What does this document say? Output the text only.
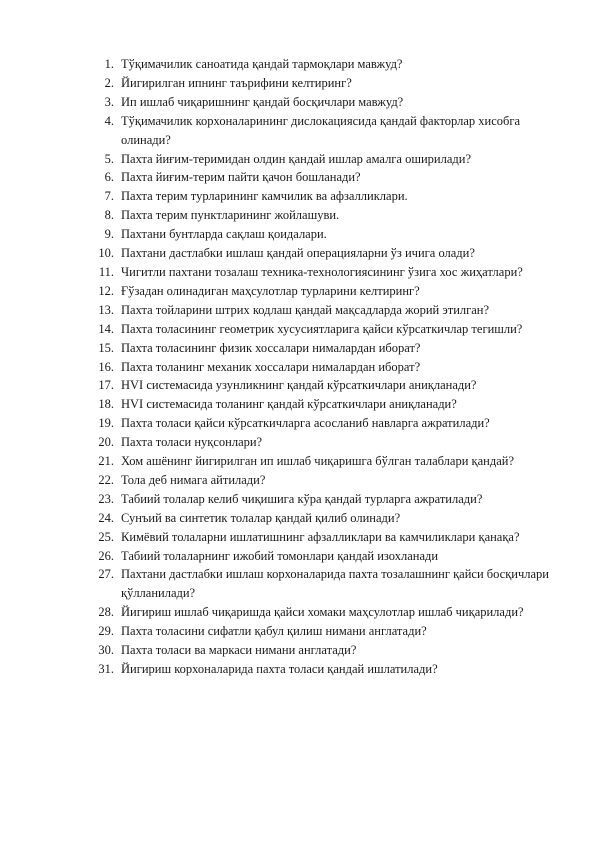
1. Тўқимачилик саноатида қандай тармоқлари мавжуд?
2. Йигирилган ипнинг таърифини келтиринг?
3. Ип ишлаб чиқаришнинг қандай босқичлари мавжуд?
4. Тўқимачилик корхоналарининг дислокациясида қандай факторлар хисобга олинади?
5. Пахта йиғим-теримидан олдин қандай ишлар амалга оширилади?
6. Пахта йиғим-терим пайти қачон бошланади?
7. Пахта терим турларининг камчилик ва афзалликлари.
8. Пахта терим пунктларининг жойлашуви.
9. Пахтани бунтларда сақлаш қоидалари.
10. Пахтани дастлабки ишлаш қандай операцияларни ўз ичига олади?
11. Чигитли пахтани тозалаш техника-технологиясининг ўзига хос жиҳатлари?
12. Ғўзадан олинадиган маҳсулотлар турларини келтиринг?
13. Пахта тойларини штрих кодлаш қандай мақсадларда жорий этилган?
14. Пахта толасининг геометрик хусусиятларига қайси кўрсаткичлар тегишли?
15. Пахта толасининг физик хоссалари нималардан иборат?
16. Пахта толанинг механик хоссалари нималардан иборат?
17. HVI системасида узунликнинг қандай кўрсаткичлари аниқланади?
18. HVI системасида толанинг қандай кўрсаткичлари аниқланади?
19. Пахта толаси қайси кўрсаткичларга асосланиб навларга ажратилади?
20. Пахта толаси нуқсонлари?
21. Хом ашёнинг йигирилган ип ишлаб чиқаришга бўлган талаблари қандай?
22. Тола деб нимага айтилади?
23. Табиий толалар келиб чиқишига кўра қандай турларга ажратилади?
24. Сунъий ва синтетик толалар қандай қилиб олинади?
25. Кимёвий толаларни ишлатишнинг афзалликлари ва камчиликлари қанақа?
26. Табиий толаларнинг ижобий томонлари қандай изохланади
27. Пахтани дастлабки ишлаш корхоналарида пахта тозалашнинг қайси босқичлари қўлланилади?
28. Йигириш ишлаб чиқаришда қайси хомаки маҳсулотлар ишлаб чиқарилади?
29. Пахта толасини сифатли қабул қилиш нимани англатади?
30. Пахта толаси ва маркаси нимани англатади?
31. Йигириш корхоналарида пахта толаси қандай ишлатилади?
